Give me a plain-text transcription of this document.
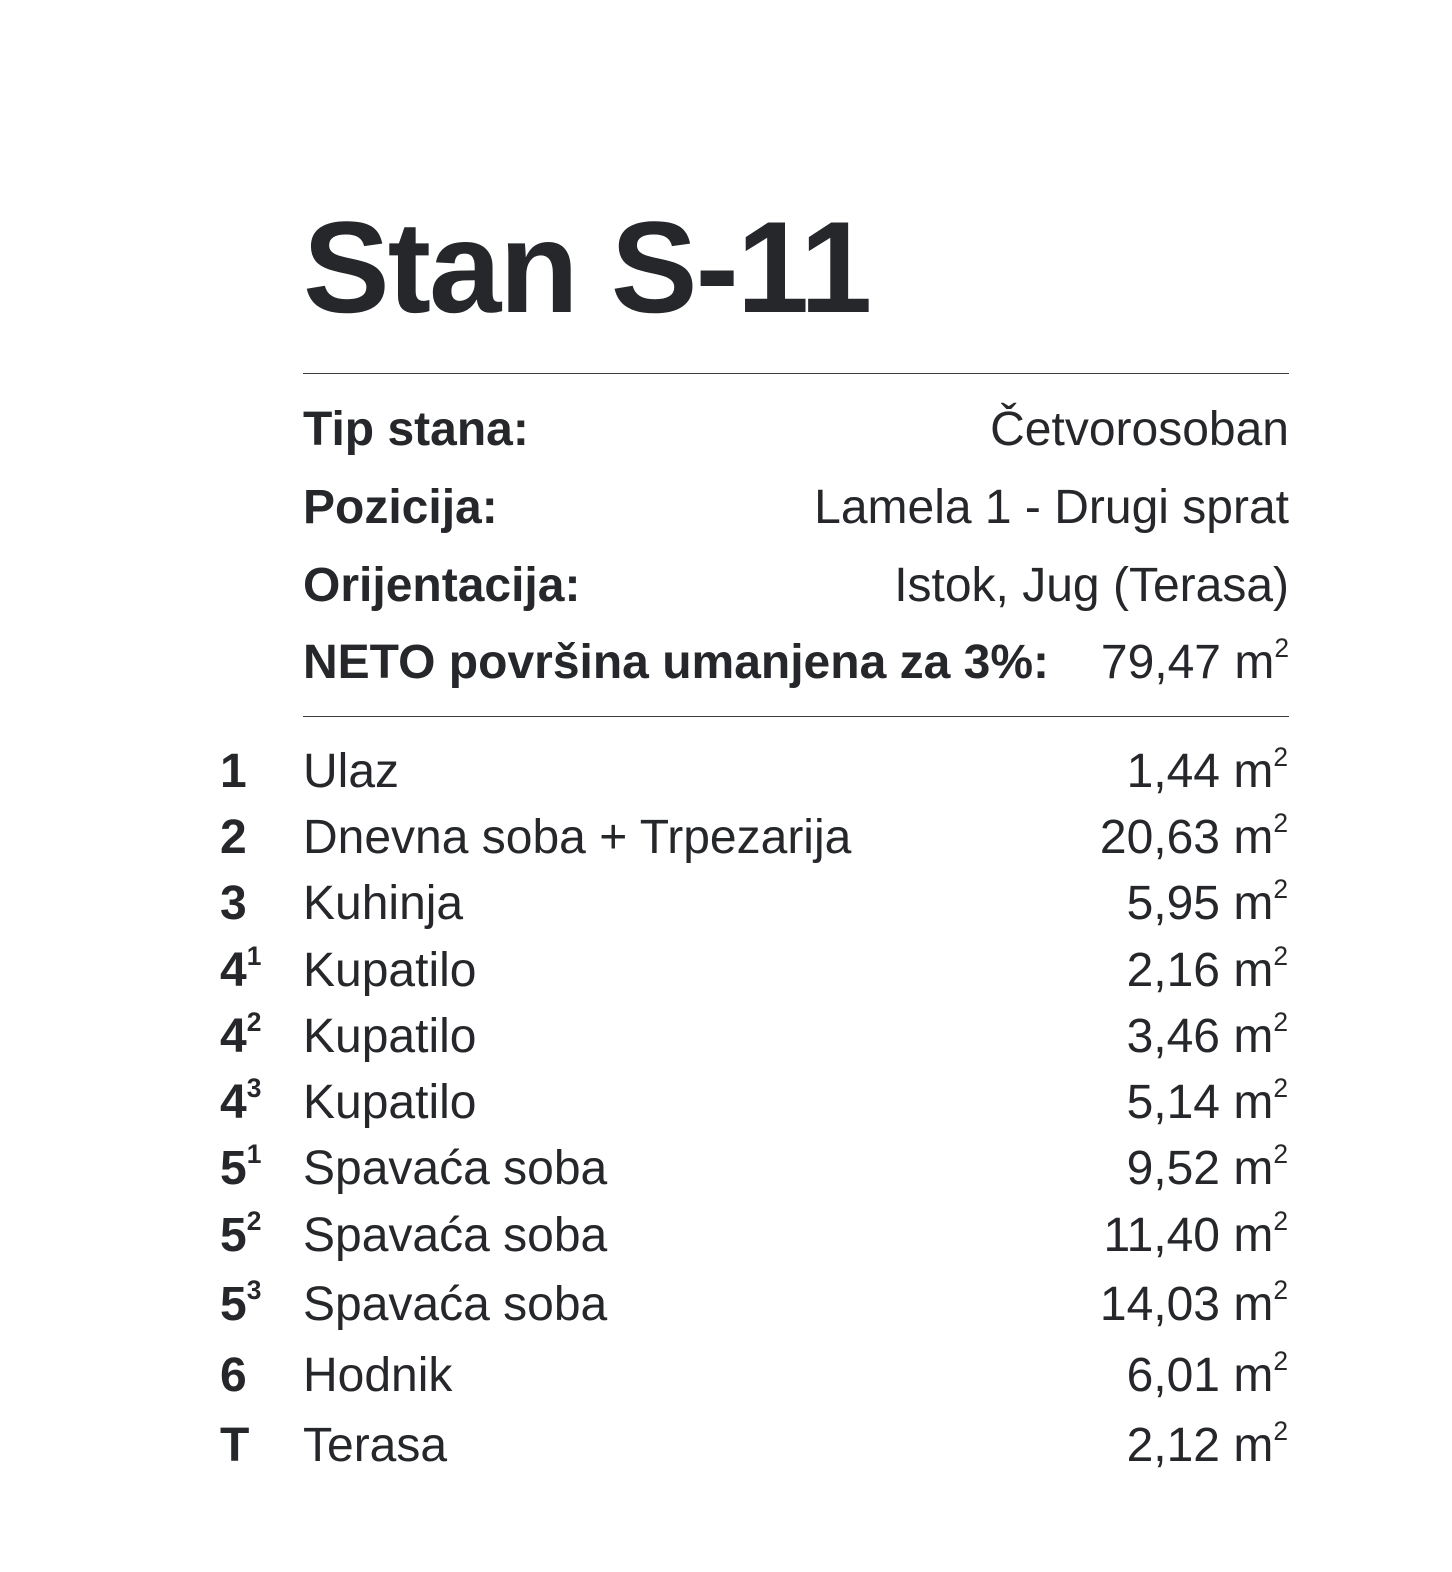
Stan S-11
Tip stana:	Četvorosoban
Pozicija:	Lamela 1 - Drugi sprat
Orijentacija:	Istok, Jug (Terasa)
NETO površina umanjena za 3%: 79,47 $m^2$
1 Ulaz	1,44 $m^2$
2 Dnevna soba + Trpezarija	20,63 $m^2$
3 Kuhinja	5,95 $m^2$
$4^1$ Kupatilo	2,16 $m^2$
$4^2$ Kupatilo	3,46 $m^2$
$4^3$ Kupatilo	5,14 $m^2$
$5^1$ Spavaća soba	9,52 $m^2$
$5^2$ Spavaća soba	11,40 $m^2$
$5^3$ Spavaća soba	14,03 $m^2$
6 Hodnik	6,01 $m^2$
T Terasa	2,12 $m^2$
